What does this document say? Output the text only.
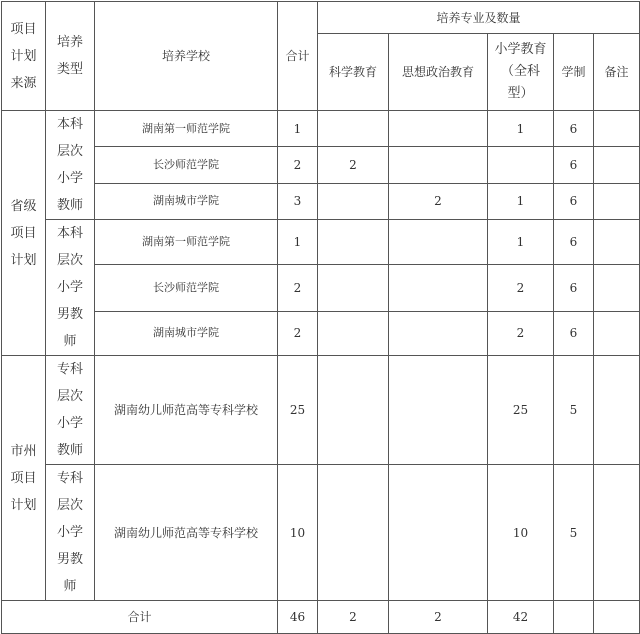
项目计划来源	培养类型	培养学校	合计	培养专业及数量				
				科学教育	思想政治教育	小学教育（全科型）	学制	备注
省级项目计划	本科层次小学教师	湖南第一师范学院	1			1	6	
		长沙师范学院	2	2			6	
		湖南城市学院	3		2	1	6	
	本科层次小学男教师	湖南第一师范学院	1			1	6	
		长沙师范学院	2			2	6	
		湖南城市学院	2			2	6	
市州项目计划	专科层次小学教师	湖南幼儿师范高等专科学校	25			25	5	
	专科层次小学男教师	湖南幼儿师范高等专科学校	10			10	5	
合计			46	2	2	42		
